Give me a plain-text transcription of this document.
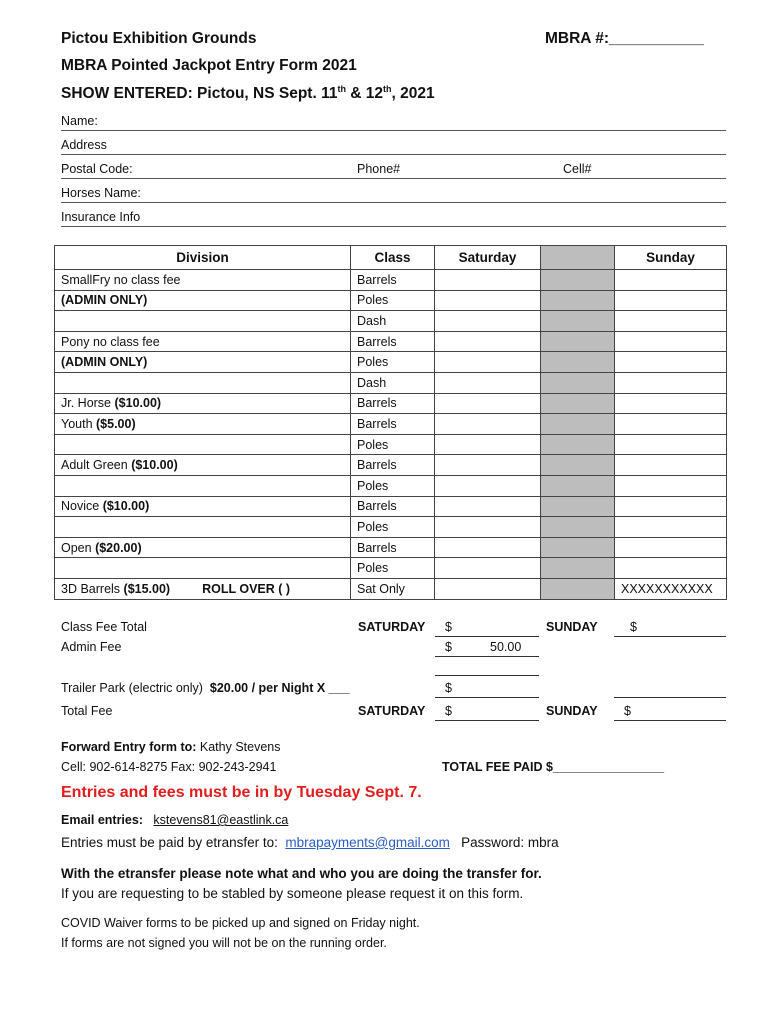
Pictou Exhibition Grounds	MBRA #:___________
MBRA Pointed Jackpot Entry Form 2021
SHOW ENTERED: Pictou, NS Sept. 11th & 12th, 2021
Name:
Address
Postal Code:	Phone#	Cell#
Horses Name:
Insurance Info
Division	Class	Saturday		Sunday
SmallFry no class fee	Barrels			
(ADMIN ONLY)	Poles			
	Dash			
Pony no class fee	Barrels			
(ADMIN ONLY)	Poles			
	Dash			
Jr. Horse ($10.00)	Barrels			
Youth ($5.00)	Barrels			
	Poles			
Adult Green ($10.00)	Barrels			
	Poles			
Novice ($10.00)	Barrels			
	Poles			
Open ($20.00)	Barrels			
	Poles			
3D Barrels ($15.00) ROLL OVER ( )	Sat Only			XXXXXXXXXXX
Class Fee Total	SATURDAY $	SUNDAY	$
Admin Fee	$	50.00
Trailer Park (electric only) $20.00 / per Night X ___	$
Total Fee	SATURDAY $	SUNDAY $
Forward Entry form to: Kathy Stevens
Cell: 902-614-8275 Fax: 902-243-2941	TOTAL FEE PAID $________________
Entries and fees must be in by Tuesday Sept. 7.
Email entries: kstevens81@eastlink.ca
Entries must be paid by etransfer to: mbrapayments@gmail.com Password: mbra
With the etransfer please note what and who you are doing the transfer for.
If you are requesting to be stabled by someone please request it on this form.
COVID Waiver forms to be picked up and signed on Friday night.
If forms are not signed you will not be on the running order.
